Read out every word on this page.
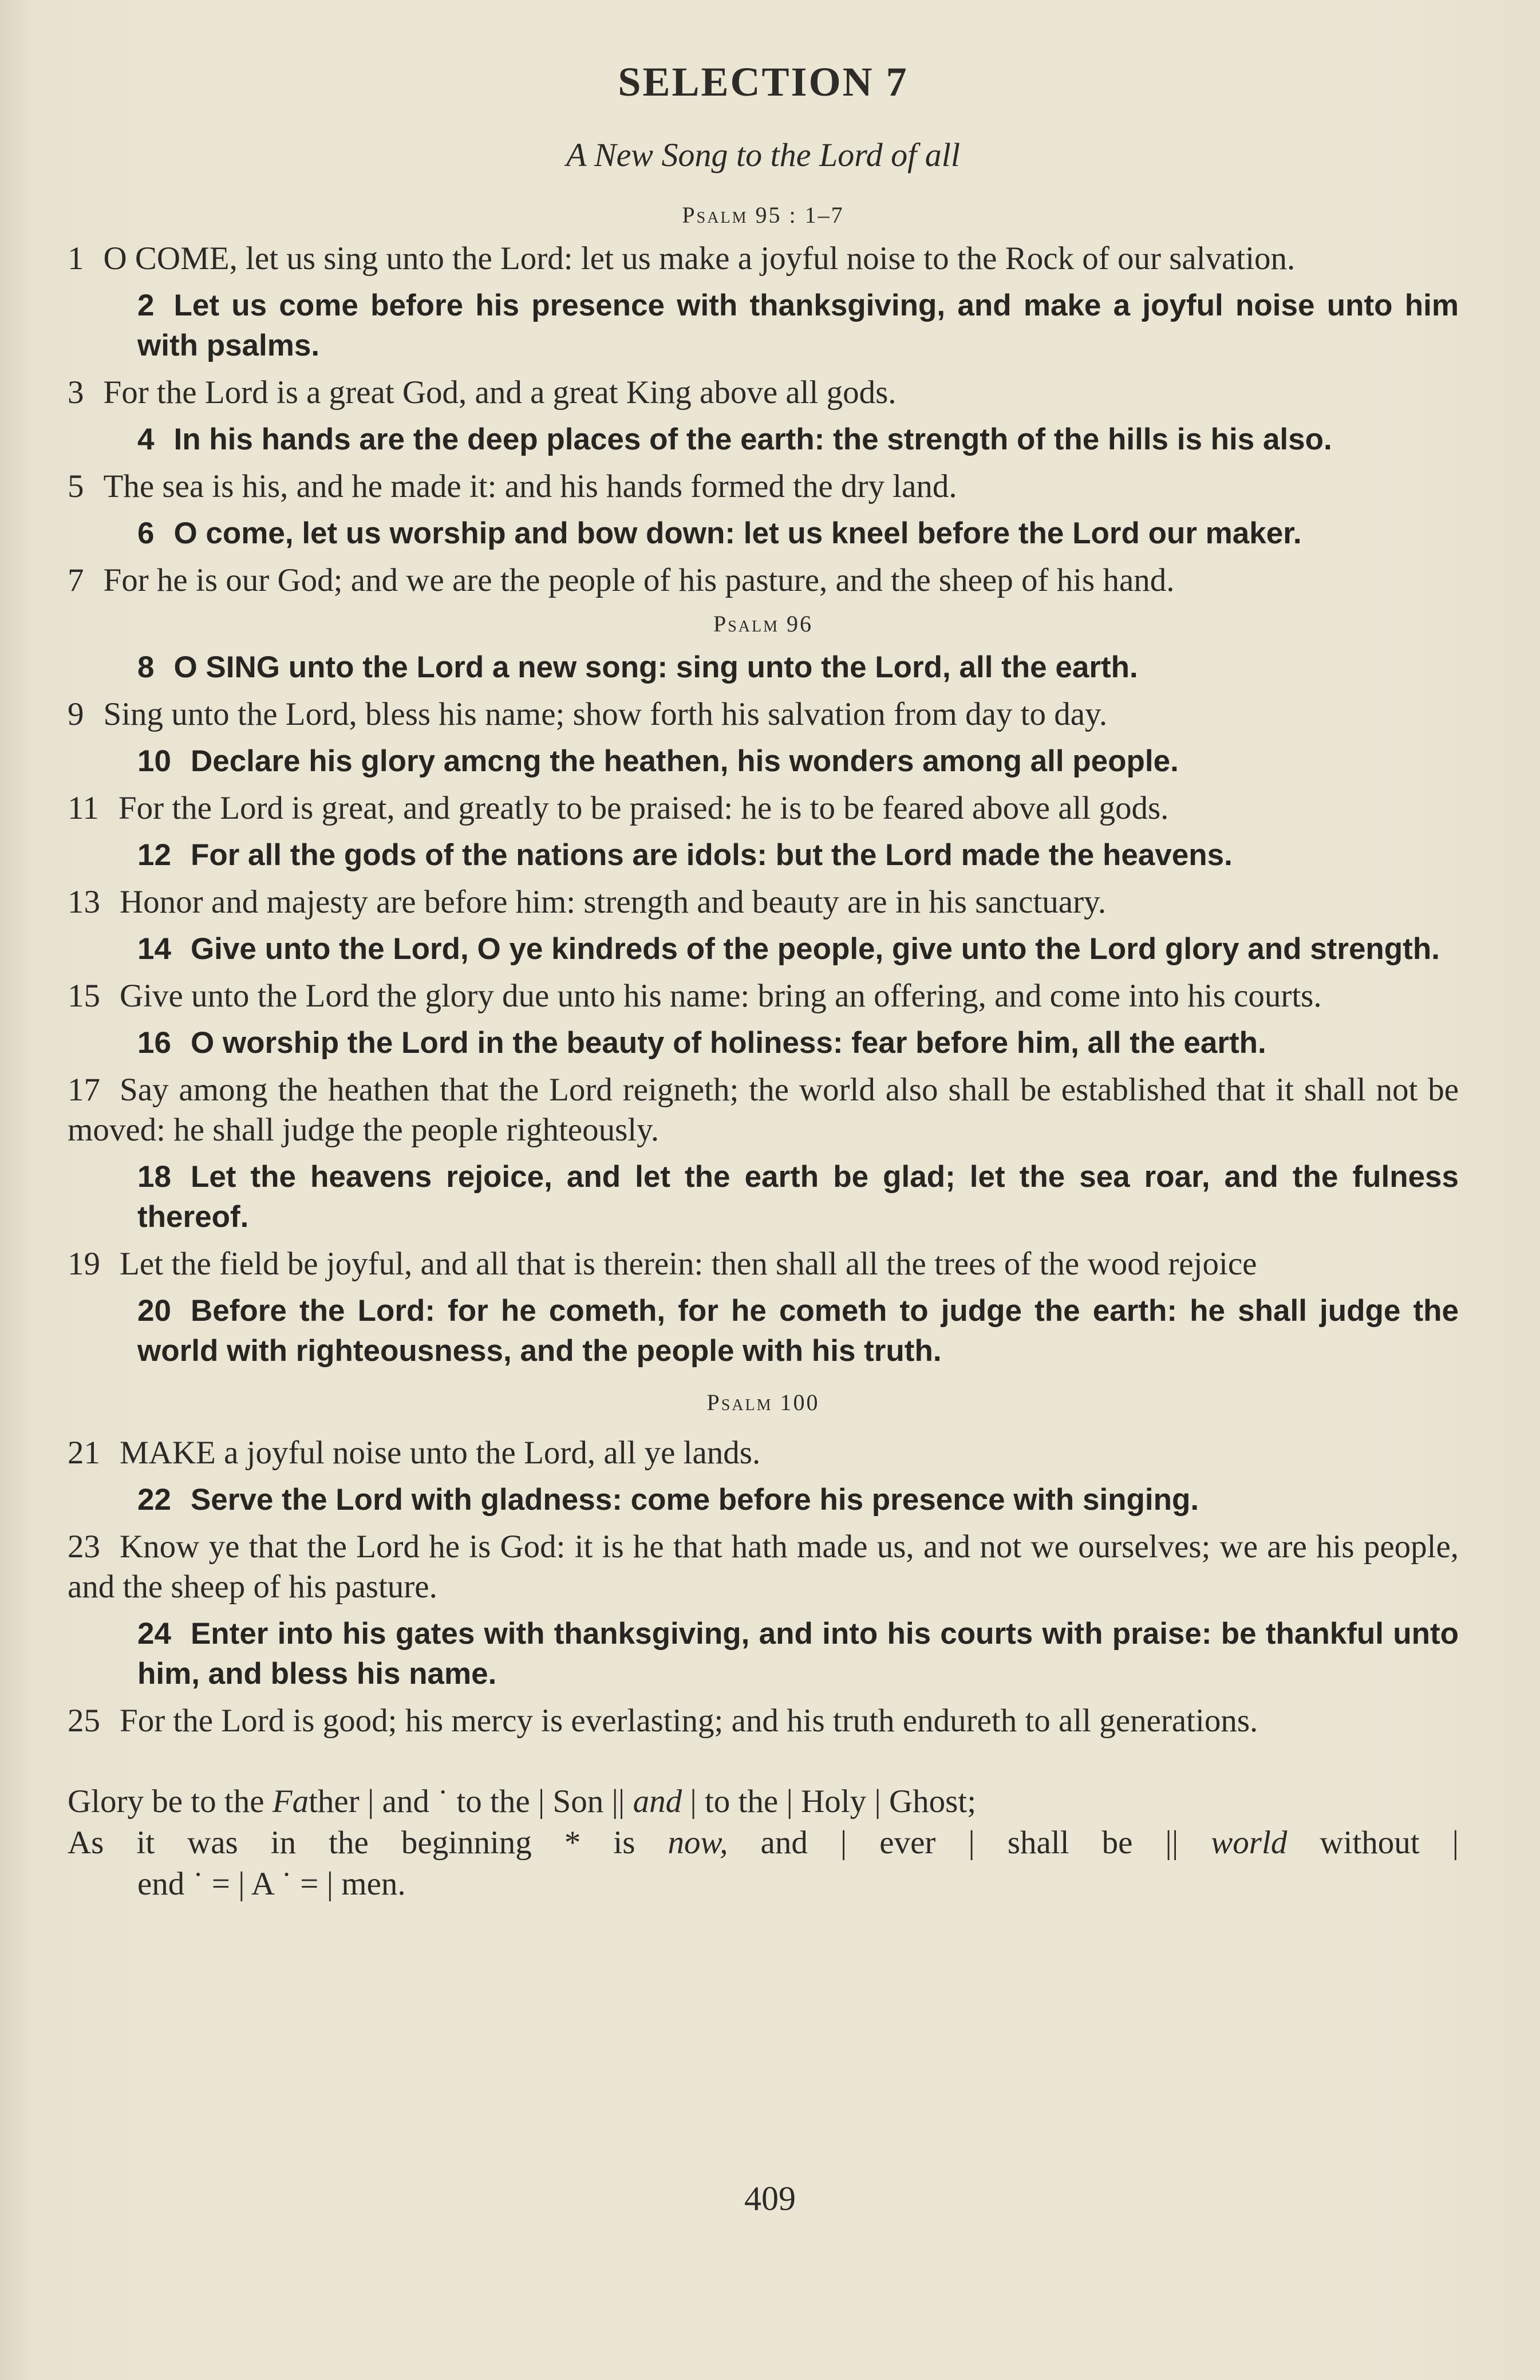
SELECTION 7
A New Song to the Lord of all
Psalm 95 : 1–7
1 O COME, let us sing unto the Lord: let us make a joyful noise to the Rock of our salvation.
2 Let us come before his presence with thanksgiving, and make a joyful noise unto him with psalms.
3 For the Lord is a great God, and a great King above all gods.
4 In his hands are the deep places of the earth: the strength of the hills is his also.
5 The sea is his, and he made it: and his hands formed the dry land.
6 O come, let us worship and bow down: let us kneel before the Lord our maker.
7 For he is our God; and we are the people of his pasture, and the sheep of his hand.
Psalm 96
8 O SING unto the Lord a new song: sing unto the Lord, all the earth.
9 Sing unto the Lord, bless his name; show forth his salvation from day to day.
10 Declare his glory amcng the heathen, his wonders among all people.
11 For the Lord is great, and greatly to be praised: he is to be feared above all gods.
12 For all the gods of the nations are idols: but the Lord made the heavens.
13 Honor and majesty are before him: strength and beauty are in his sanctuary.
14 Give unto the Lord, O ye kindreds of the people, give unto the Lord glory and strength.
15 Give unto the Lord the glory due unto his name: bring an offering, and come into his courts.
16 O worship the Lord in the beauty of holiness: fear before him, all the earth.
17 Say among the heathen that the Lord reigneth; the world also shall be established that it shall not be moved: he shall judge the people righteously.
18 Let the heavens rejoice, and let the earth be glad; let the sea roar, and the fulness thereof.
19 Let the field be joyful, and all that is therein: then shall all the trees of the wood rejoice
20 Before the Lord: for he cometh, for he cometh to judge the earth: he shall judge the world with righteousness, and the people with his truth.
Psalm 100
21 MAKE a joyful noise unto the Lord, all ye lands.
22 Serve the Lord with gladness: come before his presence with singing.
23 Know ye that the Lord he is God: it is he that hath made us, and not we ourselves; we are his people, and the sheep of his pasture.
24 Enter into his gates with thanksgiving, and into his courts with praise: be thankful unto him, and bless his name.
25 For the Lord is good; his mercy is everlasting; and his truth endureth to all generations.
Glory be to the Father | and ˙ to the | Son || and | to the | Holy | Ghost;
As it was in the beginning * is now, and | ever | shall be || world without |
end ˙ = | A ˙ = | men.
409
